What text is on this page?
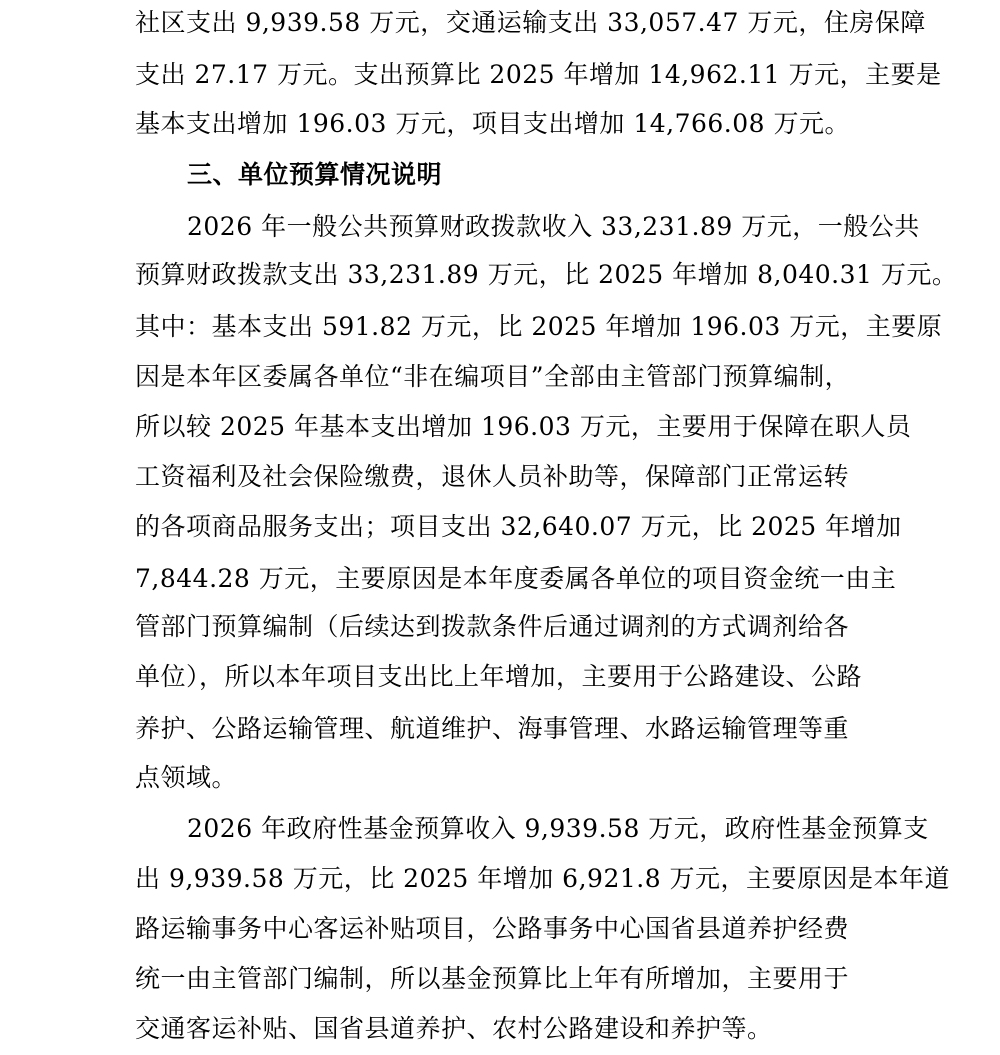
社区支出 9,939.58 万元，交通运输支出 33,057.47 万元，住房保障
支出 27.17 万元。支出预算比 2025 年增加 14,962.11 万元，主要是
基本支出增加 196.03 万元，项目支出增加 14,766.08 万元。
三、单位预算情况说明
2026 年一般公共预算财政拨款收入 33,231.89 万元，一般公共
预算财政拨款支出 33,231.89 万元，比 2025 年增加 8,040.31 万元。
其中：基本支出 591.82 万元，比 2025 年增加 196.03 万元，主要原
因是本年区委属各单位“非在编项目”全部由主管部门预算编制，
所以较 2025 年基本支出增加 196.03 万元，主要用于保障在职人员
工资福利及社会保险缴费，退休人员补助等，保障部门正常运转
的各项商品服务支出；项目支出 32,640.07 万元，比 2025 年增加
7,844.28 万元，主要原因是本年度委属各单位的项目资金统一由主
管部门预算编制（后续达到拨款条件后通过调剂的方式调剂给各
单位），所以本年项目支出比上年增加，主要用于公路建设、公路
养护、公路运输管理、航道维护、海事管理、水路运输管理等重
点领域。
2026 年政府性基金预算收入 9,939.58 万元，政府性基金预算支
出 9,939.58 万元，比 2025 年增加 6,921.8 万元，主要原因是本年道
路运输事务中心客运补贴项目，公路事务中心国省县道养护经费
统一由主管部门编制，所以基金预算比上年有所增加，主要用于
交通客运补贴、国省县道养护、农村公路建设和养护等。
